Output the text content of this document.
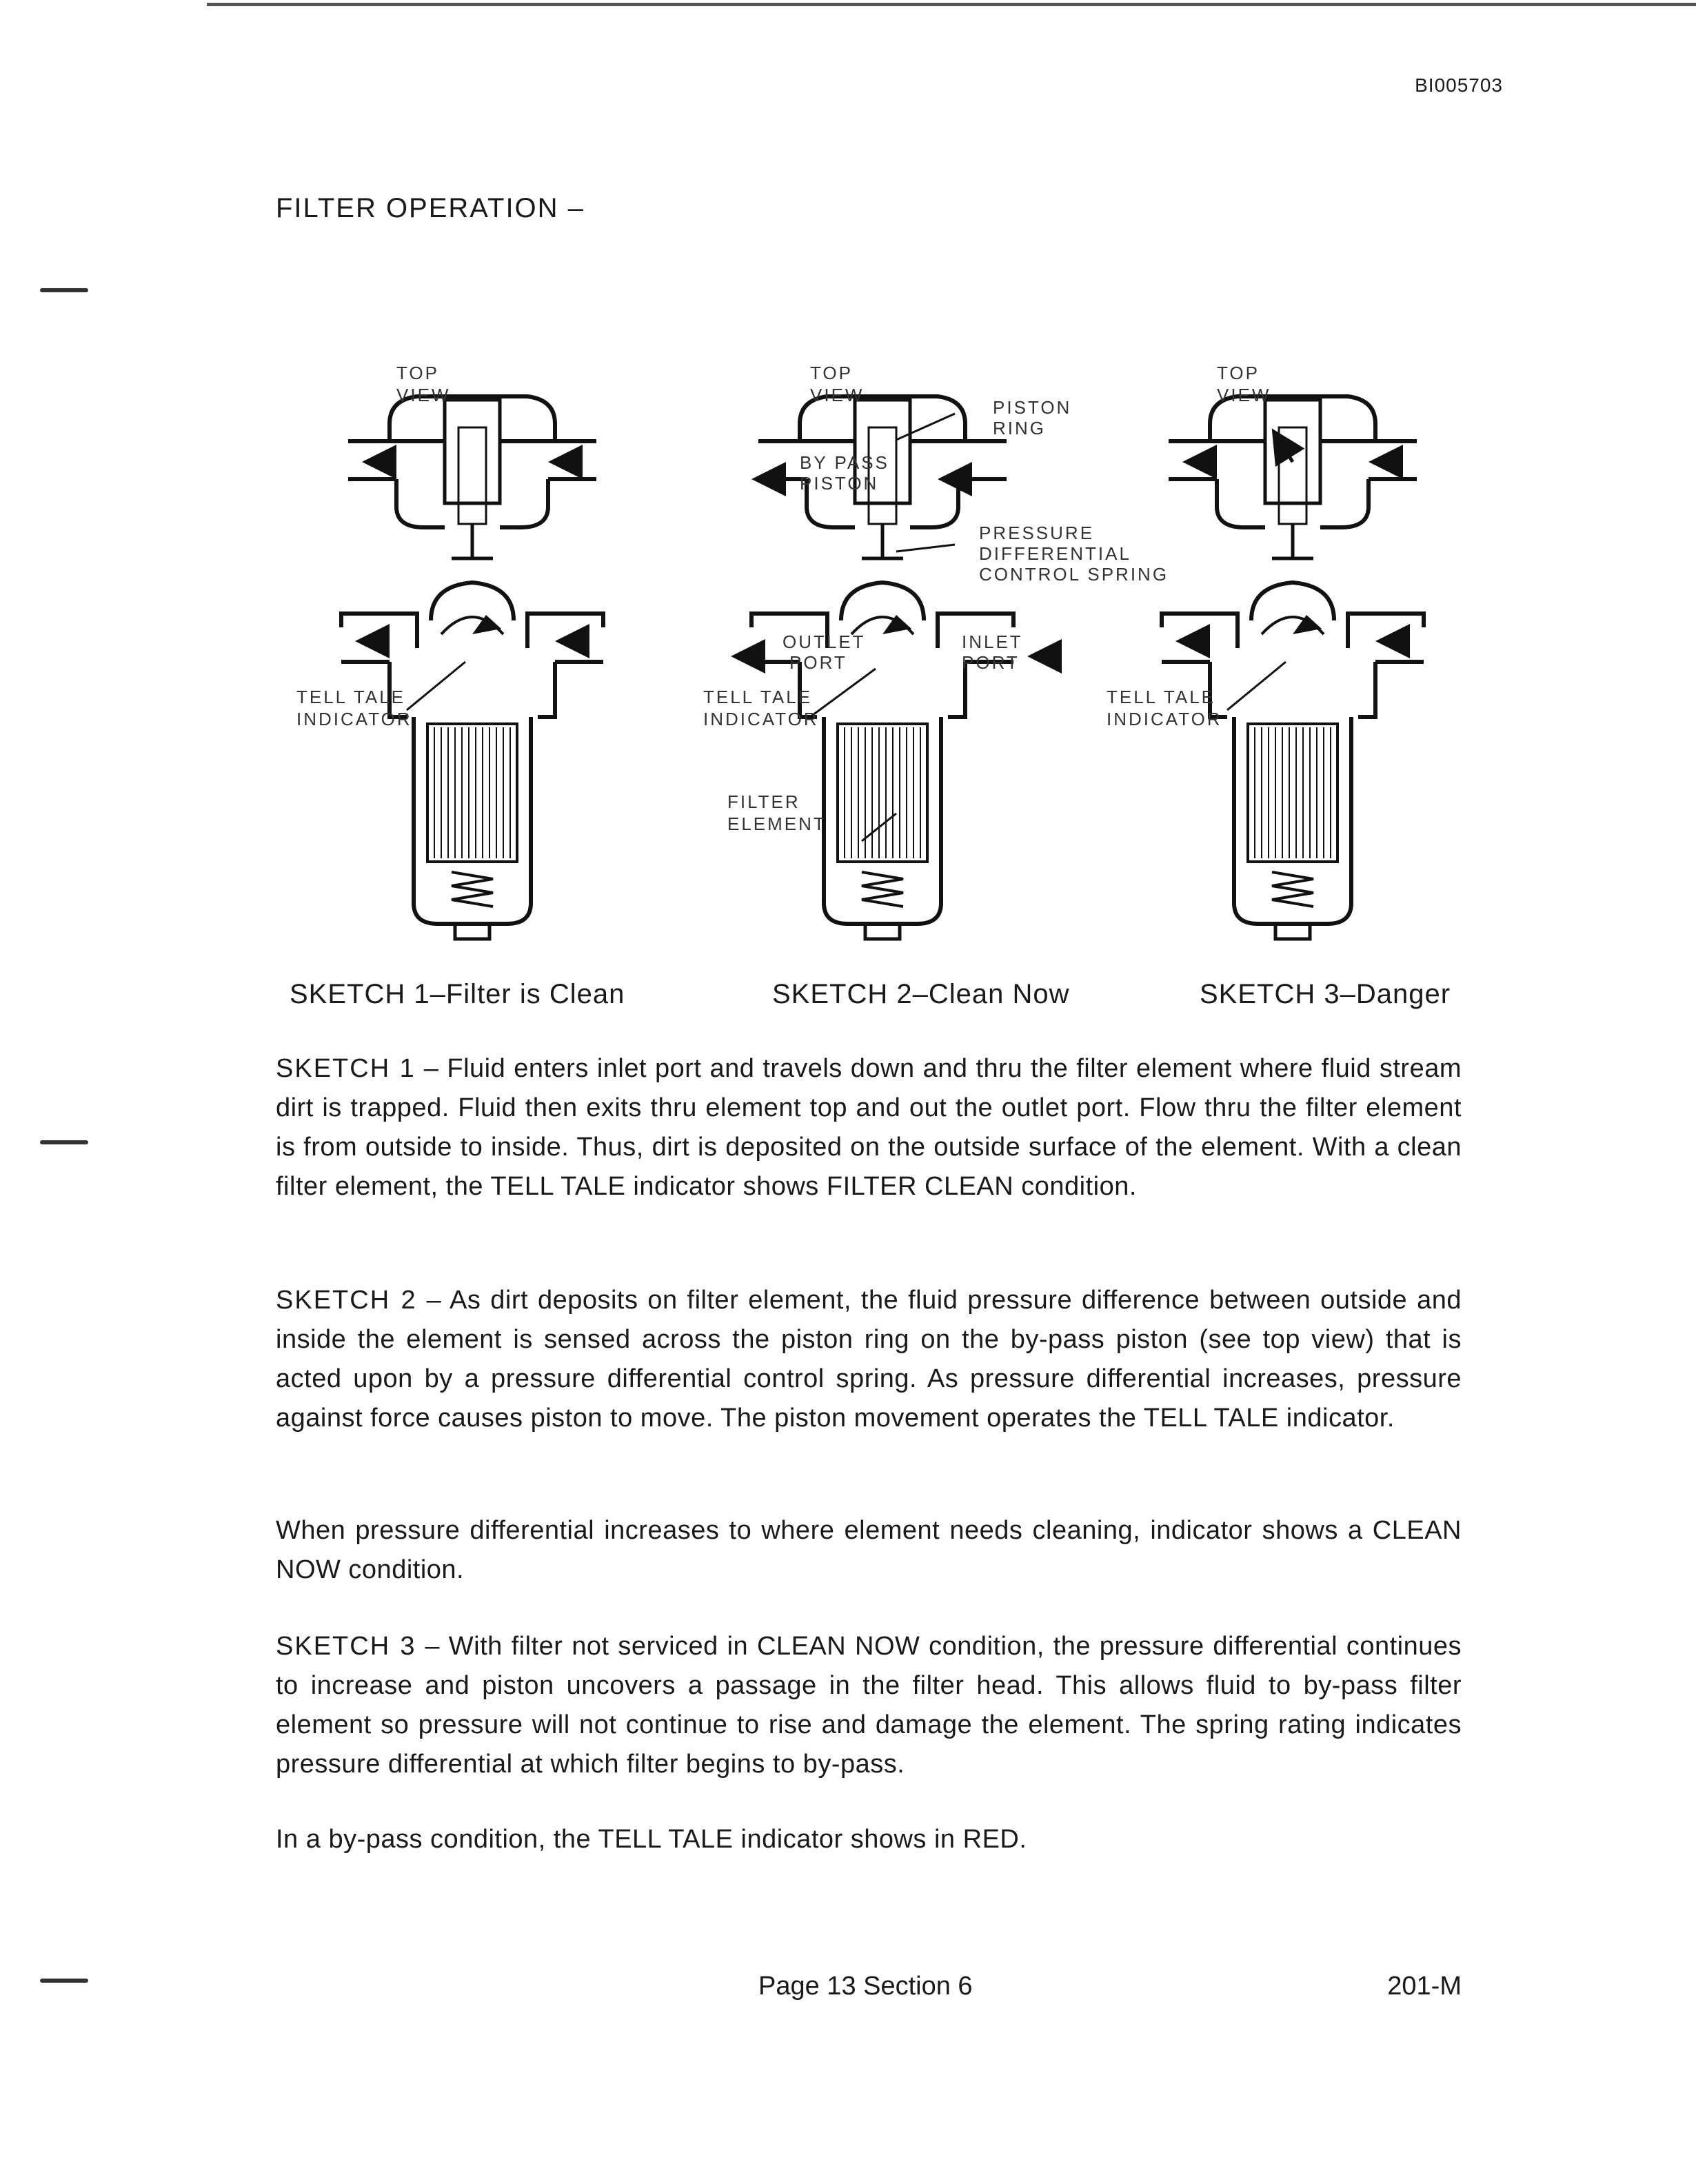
BI005703
FILTER OPERATION –
TOP
VIEW
TELL TALE
INDICATOR
TOP
VIEW
PISTON
RING
BY PASS
PISTON
PRESSURE
DIFFERENTIAL
CONTROL SPRING
OUTLET
PORT
INLET
PORT
TELL TALE
INDICATOR
FILTER
ELEMENT
TOP
VIEW
TELL TALE
INDICATOR
SKETCH 1–Filter is Clean	SKETCH 2–Clean Now	SKETCH 3–Danger

SKETCH 1 – Fluid enters inlet port and travels down and thru the filter element where fluid stream dirt is trapped. Fluid then exits thru element top and out the outlet port. Flow thru the filter element is from outside to inside. Thus, dirt is deposited on the outside surface of the element. With a clean filter element, the TELL TALE indicator shows FILTER CLEAN condition.

SKETCH 2 – As dirt deposits on filter element, the fluid pressure difference between outside and inside the element is sensed across the piston ring on the by-pass piston (see top view) that is acted upon by a pressure differential control spring. As pressure differential increases, pressure against force causes piston to move. The piston movement operates the TELL TALE indicator.

When pressure differential increases to where element needs cleaning, indicator shows a CLEAN NOW condition.

SKETCH 3 – With filter not serviced in CLEAN NOW condition, the pressure differential continues to increase and piston uncovers a passage in the filter head. This allows fluid to by-pass filter element so pressure will not continue to rise and damage the element. The spring rating indicates pressure differential at which filter begins to by-pass.

In a by-pass condition, the TELL TALE indicator shows in RED.

Page 13 Section 6	201-M
